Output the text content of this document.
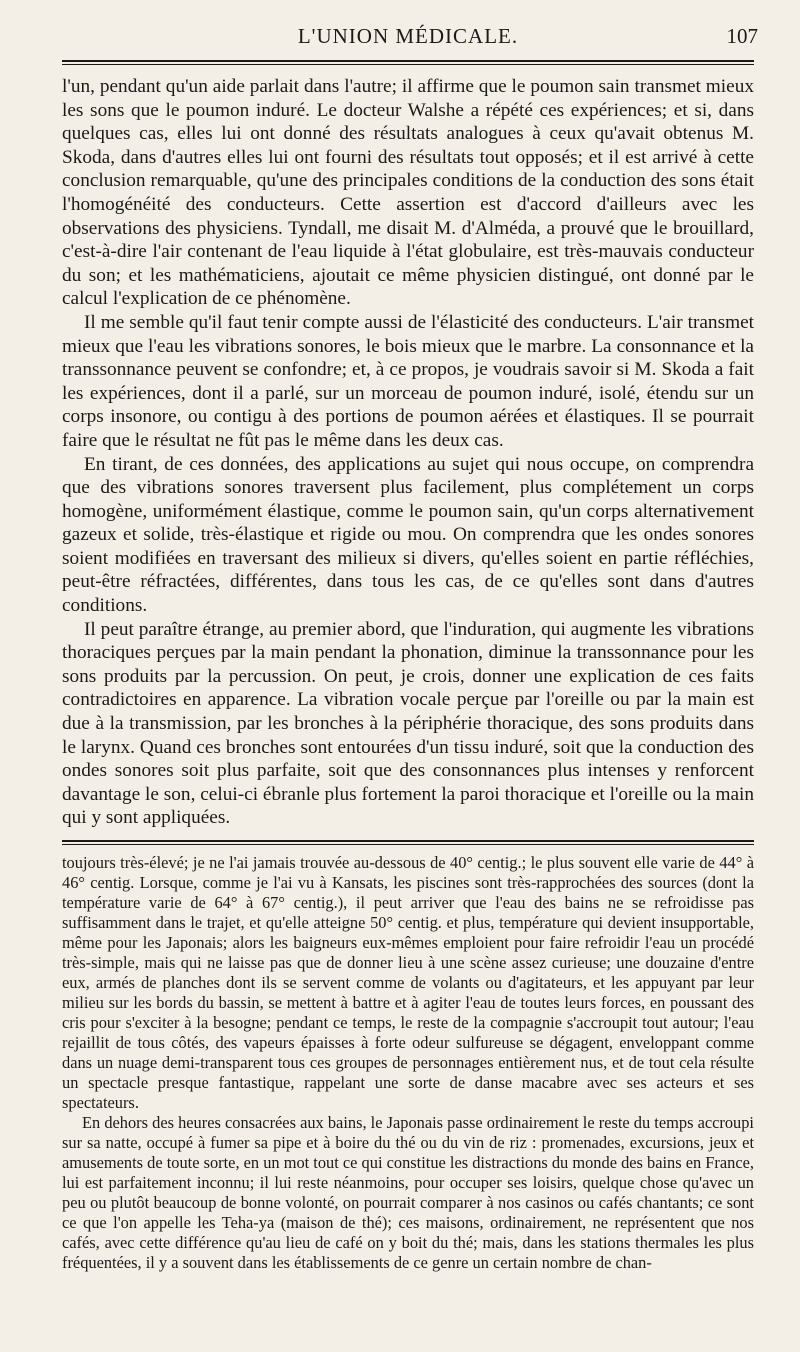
L'UNION MÉDICALE.	107

l'un, pendant qu'un aide parlait dans l'autre; il affirme que le poumon sain transmet mieux les sons que le poumon induré. Le docteur Walshe a répété ces expériences; et si, dans quelques cas, elles lui ont donné des résultats analogues à ceux qu'avait obtenus M. Skoda, dans d'autres elles lui ont fourni des résultats tout opposés; et il est arrivé à cette conclusion remarquable, qu'une des principales conditions de la conduction des sons était l'homogénéité des conducteurs. Cette assertion est d'accord d'ailleurs avec les observations des physiciens. Tyndall, me disait M. d'Alméda, a prouvé que le brouillard, c'est-à-dire l'air contenant de l'eau liquide à l'état globulaire, est très-mauvais conducteur du son; et les mathématiciens, ajoutait ce même physicien distingué, ont donné par le calcul l'explication de ce phénomène.

Il me semble qu'il faut tenir compte aussi de l'élasticité des conducteurs. L'air transmet mieux que l'eau les vibrations sonores, le bois mieux que le marbre. La consonnance et la transsonnance peuvent se confondre; et, à ce propos, je voudrais savoir si M. Skoda a fait les expériences, dont il a parlé, sur un morceau de poumon induré, isolé, étendu sur un corps insonore, ou contigu à des portions de poumon aérées et élastiques. Il se pourrait faire que le résultat ne fût pas le même dans les deux cas.

En tirant, de ces données, des applications au sujet qui nous occupe, on comprendra que des vibrations sonores traversent plus facilement, plus complétement un corps homogène, uniformément élastique, comme le poumon sain, qu'un corps alternativement gazeux et solide, très-élastique et rigide ou mou. On comprendra que les ondes sonores soient modifiées en traversant des milieux si divers, qu'elles soient en partie réfléchies, peut-être réfractées, différentes, dans tous les cas, de ce qu'elles sont dans d'autres conditions.

Il peut paraître étrange, au premier abord, que l'induration, qui augmente les vibrations thoraciques perçues par la main pendant la phonation, diminue la transsonnance pour les sons produits par la percussion. On peut, je crois, donner une explication de ces faits contradictoires en apparence. La vibration vocale perçue par l'oreille ou par la main est due à la transmission, par les bronches à la périphérie thoracique, des sons produits dans le larynx. Quand ces bronches sont entourées d'un tissu induré, soit que la conduction des ondes sonores soit plus parfaite, soit que des consonnances plus intenses y renforcent davantage le son, celui-ci ébranle plus fortement la paroi thoracique et l'oreille ou la main qui y sont appliquées.

toujours très-élevé; je ne l'ai jamais trouvée au-dessous de 40° centig.; le plus souvent elle varie de 44° à 46° centig. Lorsque, comme je l'ai vu à Kansats, les piscines sont très-rapprochées des sources (dont la température varie de 64° à 67° centig.), il peut arriver que l'eau des bains ne se refroidisse pas suffisamment dans le trajet, et qu'elle atteigne 50° centig. et plus, température qui devient insupportable, même pour les Japonais; alors les baigneurs eux-mêmes emploient pour faire refroidir l'eau un procédé très-simple, mais qui ne laisse pas que de donner lieu à une scène assez curieuse; une douzaine d'entre eux, armés de planches dont ils se servent comme de volants ou d'agitateurs, et les appuyant par leur milieu sur les bords du bassin, se mettent à battre et à agiter l'eau de toutes leurs forces, en poussant des cris pour s'exciter à la besogne; pendant ce temps, le reste de la compagnie s'accroupit tout autour; l'eau rejaillit de tous côtés, des vapeurs épaisses à forte odeur sulfureuse se dégagent, enveloppant comme dans un nuage demi-transparent tous ces groupes de personnages entièrement nus, et de tout cela résulte un spectacle presque fantastique, rappelant une sorte de danse macabre avec ses acteurs et ses spectateurs.

En dehors des heures consacrées aux bains, le Japonais passe ordinairement le reste du temps accroupi sur sa natte, occupé à fumer sa pipe et à boire du thé ou du vin de riz : promenades, excursions, jeux et amusements de toute sorte, en un mot tout ce qui constitue les distractions du monde des bains en France, lui est parfaitement inconnu; il lui reste néanmoins, pour occuper ses loisirs, quelque chose qu'avec un peu ou plutôt beaucoup de bonne volonté, on pourrait comparer à nos casinos ou cafés chantants; ce sont ce que l'on appelle les Teha-ya (maison de thé); ces maisons, ordinairement, ne représentent que nos cafés, avec cette différence qu'au lieu de café on y boit du thé; mais, dans les stations thermales les plus fréquentées, il y a souvent dans les établissements de ce genre un certain nombre de chan-
